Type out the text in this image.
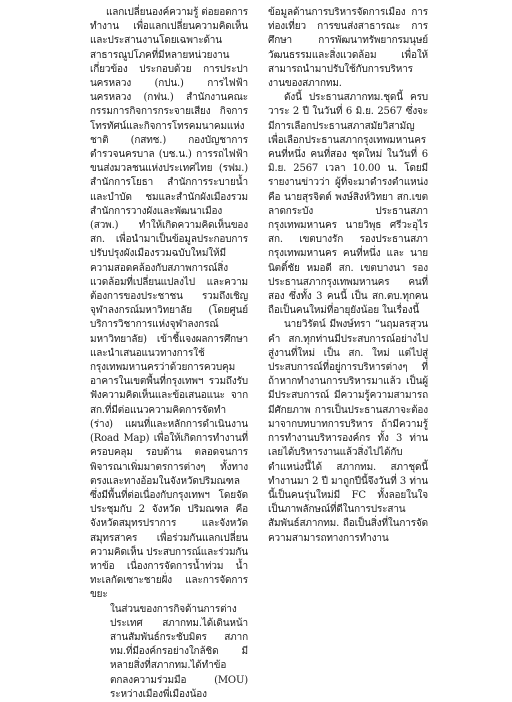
แลกเปลี่ยนองค์ความรู้ ต่อยอดการทำงาน เพื่อแลกเปลี่ยนความคิดเห็นและประสานงานโดยเฉพาะด้านสาธารณูปโภคที่มีหลายหน่วยงานเกี่ยวข้อง ประกอบด้วย การประปานครหลวง (กปน.) การไฟฟ้านครหลวง (กฟน.) สำนักงานคณะกรรมการกิจการกระจายเสียง กิจการโทรทัศน์และกิจการโทรคมนาคมแห่งชาติ (กสทช.) กองบัญชาการตำรวจนครบาล (บช.น.) การรถไฟฟ้าขนส่งมวลชนแห่งประเทศไทย (รฟม.) สำนักการโยธา สำนักการระบายน้ำและบำบัด ชมและสำนักผังเมืองรวมสำนักการวางผังและพัฒนาเมือง (สวพ.) ทำให้เกิดความคิดเห็นของ สก. เพื่อนำมาเป็นข้อมูลประกอบการปรับปรุงผังเมืองรวมฉบับใหม่ให้มีความสอดคล้องกับสภาพการณ์สิ่งแวดล้อมที่เปลี่ยนแปลงไป และความต้องการของประชาชน รวมถึงเชิญจุฬาลงกรณ์มหาวิทยาลัย (โดยศูนย์บริการวิชาการแห่งจุฬาลงกรณ์มหาวิทยาลัย) เข้าชี้แจงผลการศึกษาและนำเสนอแนวทางการใช้กรุงเทพมหานครว่าด้วยการควบคุมอาคารในเขตพื้นที่กรุงเทพฯ รวมถึงรับฟังความคิดเห็นและข้อเสนอแนะ จาก สก.ที่มีต่อแนวความคิดการจัดทำ (ร่าง) แผนที่และหลักการดำเนินงาน (Road Map) เพื่อให้เกิดการทำงานที่ครอบคลุม รอบด้าน ตลอดจนการพิจารณาเพิ่มมาตรการต่างๆ ทั้งทางตรงและทางอ้อมในจังหวัดปริมณฑล ซึ่งมีพื้นที่ต่อเนื่องกับกรุงเทพฯ โดยจัดประชุมกับ 2 จังหวัด ปริมณฑล คือ จังหวัดสมุทรปราการ และจังหวัดสมุทรสาคร เพื่อร่วมกันแลกเปลี่ยนความคิดเห็น ประสบการณ์และร่วมกันหาข้อ เนื่องการจัดการน้ำท่วม น้ำทะเลกัดเซาะชายฝั่ง และการจัดการขยะ

ในส่วนของการกิจด้านการต่างประเทศ สภากทม.ได้เดินหน้าสานสัมพันธ์กระชับมิตร สภากทม.ที่มีองค์กรอย่างใกล้ชิด มีหลายสิ่งที่สภากทม.ได้ทำข้อตกลงความร่วมมือ (MOU) ระหว่างเมืองพี่เมืองน้อง

ข้อมูลด้านการบริหารจัดการเมือง การท่องเที่ยว การขนส่งสาธารณะ การศึกษา การพัฒนาทรัพยากรมนุษย์ วัฒนธรรมและสิ่งแวดล้อม เพื่อให้สามารถนำมาปรับใช้กับการบริหารงานของสภากทม.

ดังนี้ ประธานสภากทม.ชุดนี้ ครบวาระ 2 ปี ในวันที่ 6 มิ.ย. 2567 ซึ่งจะมีการเลือกประธานสภาสมัยวิสามัญเพื่อเลือกประธานสภากรุงเทพมหานครคนที่หนึ่ง คนที่สอง ชุดใหม่ ในวันที่ 6 มิ.ย. 2567 เวลา 10.00 น. โดยมีรายงานข่าวว่า ผู้ที่จะมาดำรงตำแหน่ง คือ นายสุรจิตต์ พงษ์สิงห์วิทยา สก.เขตลาดกระบัง ประธานสภากรุงเทพมหานคร นายวิพุธ ศรีวะอุไร สก. เขตบางรัก รองประธานสภากรุงเทพมหานคร คนที่หนึ่ง และ นายนิตติ์ชัย หมอดี สก. เขตบางนา รองประธานสภากรุงเทพมหานคร คนที่สอง ซึ่งทั้ง 3 คนนี้ เป็น สก.ตบ.ทุกคน ถือเป็นคนใหม่ที่อายุยังน้อย ในเรื่องนี้

นายวิรัตน์ มีพงษ์ทรา “นฤมลรสุวนคำ สก.ทุกท่านมีประสบการณ์อย่างไปสู่งานที่ใหม่ เป็น สก. ใหม่ แต่ไปสู่ประสบการณ์ที่อยู่การบริหารต่างๆ ที่ถ้าหากทำงานการบริหารมาแล้ว เป็นผู้มีประสบการณ์ มีความรู้ความสามารถมีศักยภาพ การเป็นประธานสภาจะต้องมาจากบทบาทการบริหาร ถ้ามีความรู้การทำงานบริหารองค์กร ทั้ง 3 ท่านเลยได้บริหารงานแล้วสิ่งไปได้กับตำแหน่งนี้ได้ สภากทม. สภาชุดนี้ทำงานมา 2 ปี มาถูกปีนี้จึงวันที่ 3 ท่านนี้เป็นคนรุ่นใหม่มี FC ทั้งลอยในใจ เป็นภาพลักษณ์ที่ดีในการประสานสัมพันธ์สภากทม. ถือเป็นสิ่งที่ในการจัดความสามารถทางการทำงาน
